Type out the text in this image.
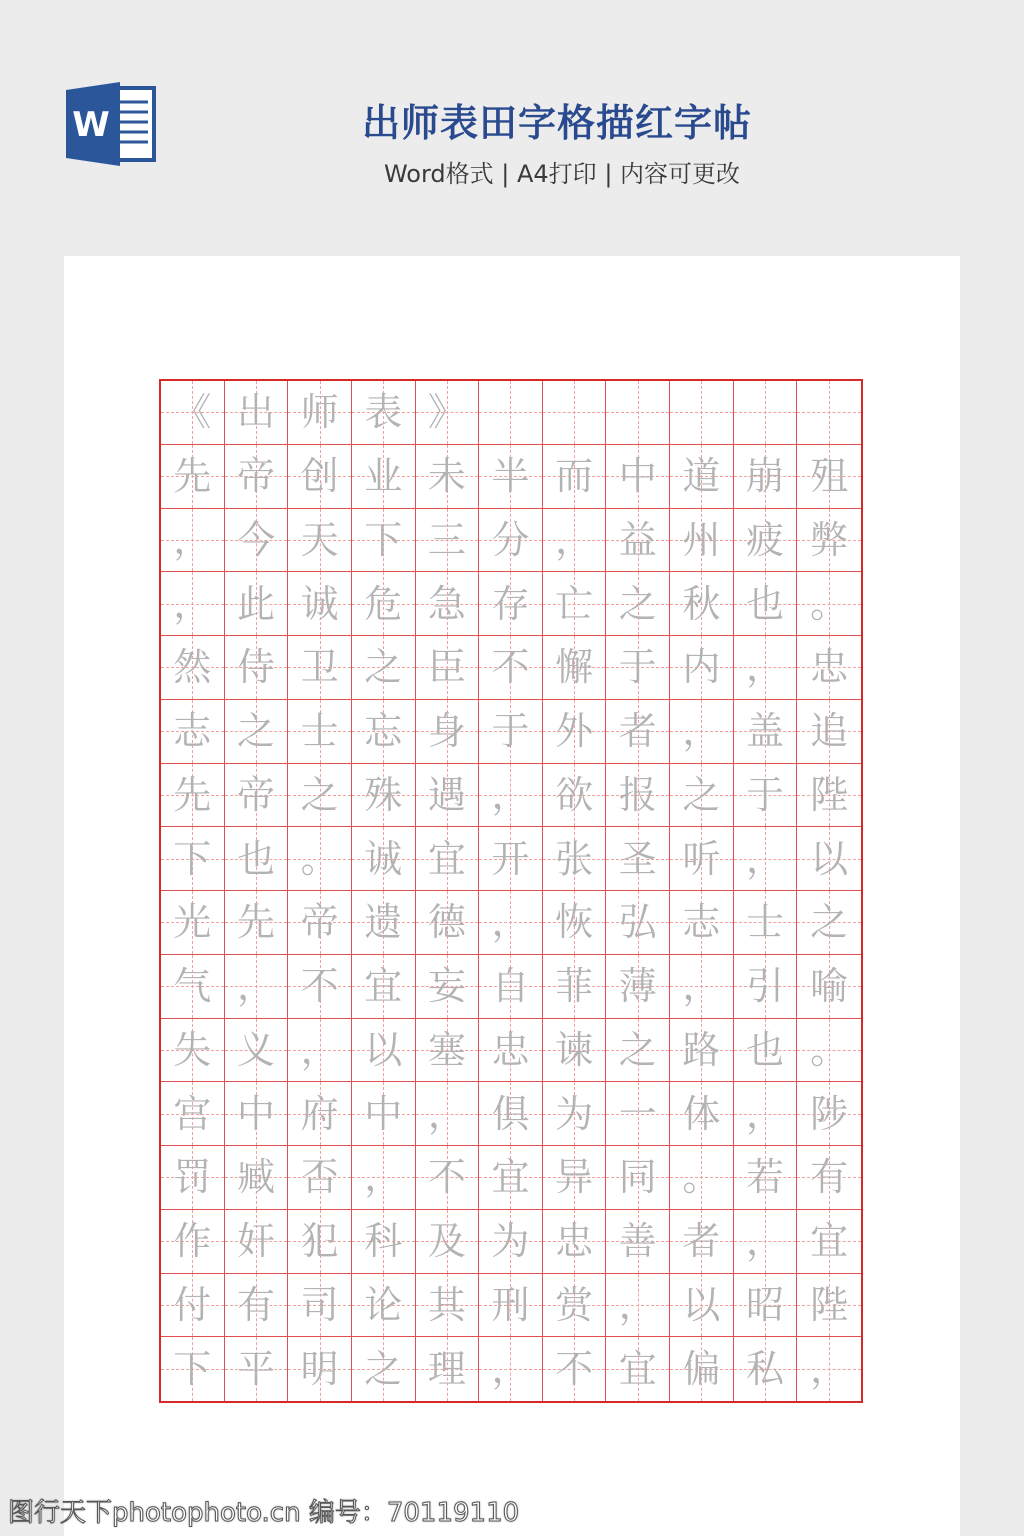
W	出师表田字格描红字帖
Word格式 | A4打印 | 内容可更改
《 出 师 表 》
先 帝 创 业 未 半 而 中 道 崩 殂
， 今 天 下 三 分 ， 益 州 疲 弊
， 此 诚 危 急 存 亡 之 秋 也 。
然 侍 卫 之 臣 不 懈 于 内 ， 忠
志 之 士 忘 身 于 外 者 ， 盖 追
先 帝 之 殊 遇 ， 欲 报 之 于 陛
下 也 。 诚 宜 开 张 圣 听 ， 以
光 先 帝 遗 德 ， 恢 弘 志 士 之
气 ， 不 宜 妄 自 菲 薄 ， 引 喻
失 义 ， 以 塞 忠 谏 之 路 也 。
宫 中 府 中 ， 俱 为 一 体 ， 陟
罚 臧 否 ， 不 宜 异 同 。 若 有
作 奸 犯 科 及 为 忠 善 者 ， 宜
付 有 司 论 其 刑 赏 ， 以 昭 陛
下 平 明 之 理 ， 不 宜 偏 私 ，
图行天下photophoto.cn 编号：70119110
